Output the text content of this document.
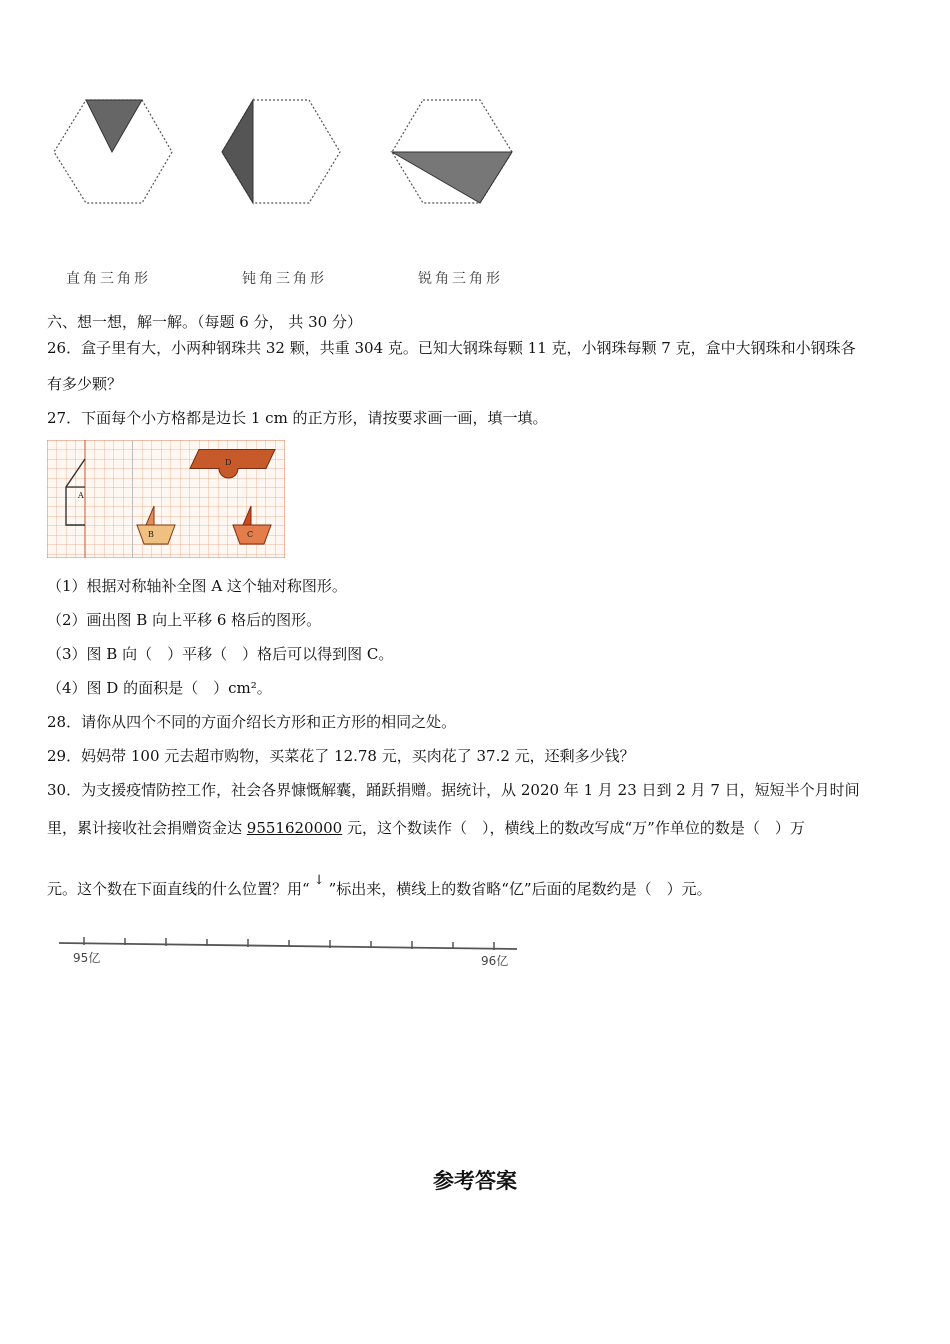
直角三角形	钝角三角形	锐角三角形
六、想一想，解一解。（每题 6 分， 共 30 分）
26．盒子里有大，小两种钢珠共 32 颗，共重 304 克。已知大钢珠每颗 11 克，小钢珠每颗 7 克，盒中大钢珠和小钢珠各
有多少颗？
27．下面每个小方格都是边长 1 cm 的正方形，请按要求画一画，填一填。
A
D
B	C
（1）根据对称轴补全图 A 这个轴对称图形。
（2）画出图 B 向上平移 6 格后的图形。
（3）图 B 向（　）平移（　）格后可以得到图 C。
（4）图 D 的面积是（　）cm²。
28．请你从四个不同的方面介绍长方形和正方形的相同之处。
29．妈妈带 100 元去超市购物，买菜花了 12.78 元，买肉花了 37.2 元，还剩多少钱？
30．为支援疫情防控工作，社会各界慷慨解囊，踊跃捐赠。据统计，从 2020 年 1 月 23 日到 2 月 7 日，短短半个月时间
里，累计接收社会捐赠资金达 9551620000 元，这个数读作（　），横线上的数改写成“万”作单位的数是（　）万
元。这个数在下面直线的什么位置？用“ ↓ ”标出来，横线上的数省略“亿”后面的尾数约是（　）元。
95亿	96亿
参考答案
